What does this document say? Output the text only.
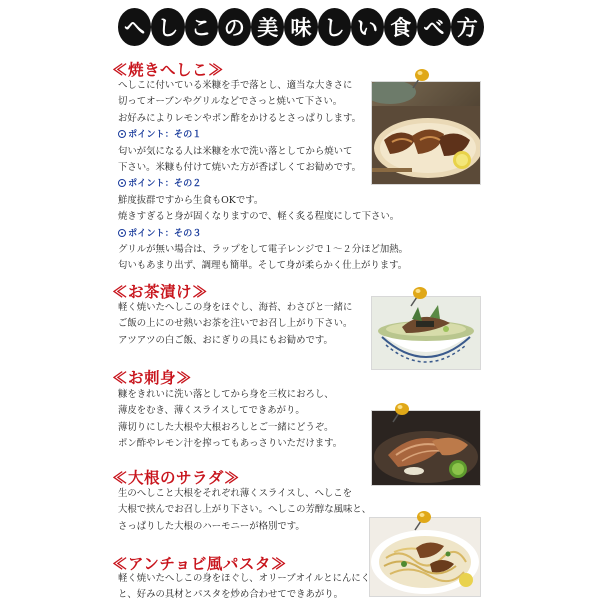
へ し こ の 美 味 し い 食 べ 方
≪焼きへしこ≫
へしこに付いている米糠を手で落とし、適当な大きさに
切ってオーブンやグリルなどでさっと焼いて下さい。
お好みによりレモンやポン酢をかけるとさっぱりします。
ポイント：その１
匂いが気になる人は米糠を水で洗い落としてから焼いて
下さい。米糠も付けて焼いた方が香ばしくてお勧めです。
ポイント：その２
鮮度抜群ですから生食もOKです。
焼きすぎると身が固くなりますので、軽く炙る程度にして下さい。
ポイント：その３
グリルが無い場合は、ラップをして電子レンジで１～２分ほど加熱。
匂いもあまり出ず、調理も簡単。そして身が柔らかく仕上がります。
≪お茶漬け≫
軽く焼いたへしこの身をほぐし、海苔、わさびと一緒に
ご飯の上にのせ熱いお茶を注いでお召し上がり下さい。
アツアツの白ご飯、おにぎりの具にもお勧めです。
≪お刺身≫
糠をきれいに洗い落としてから身を三枚におろし、
薄皮をむき、薄くスライスしてできあがり。
薄切りにした大根や大根おろしとご一緒にどうぞ。
ポン酢やレモン汁を搾ってもあっさりいただけます。
≪大根のサラダ≫
生のへしこと大根をそれぞれ薄くスライスし、へしこを
大根で挟んでお召し上がり下さい。へしこの芳醇な風味と、
さっぱりした大根のハーモニーが格別です。
≪アンチョビ風パスタ≫
軽く焼いたへしこの身をほぐし、オリーブオイルとにんにく
と、好みの具材とパスタを炒め合わせてできあがり。
